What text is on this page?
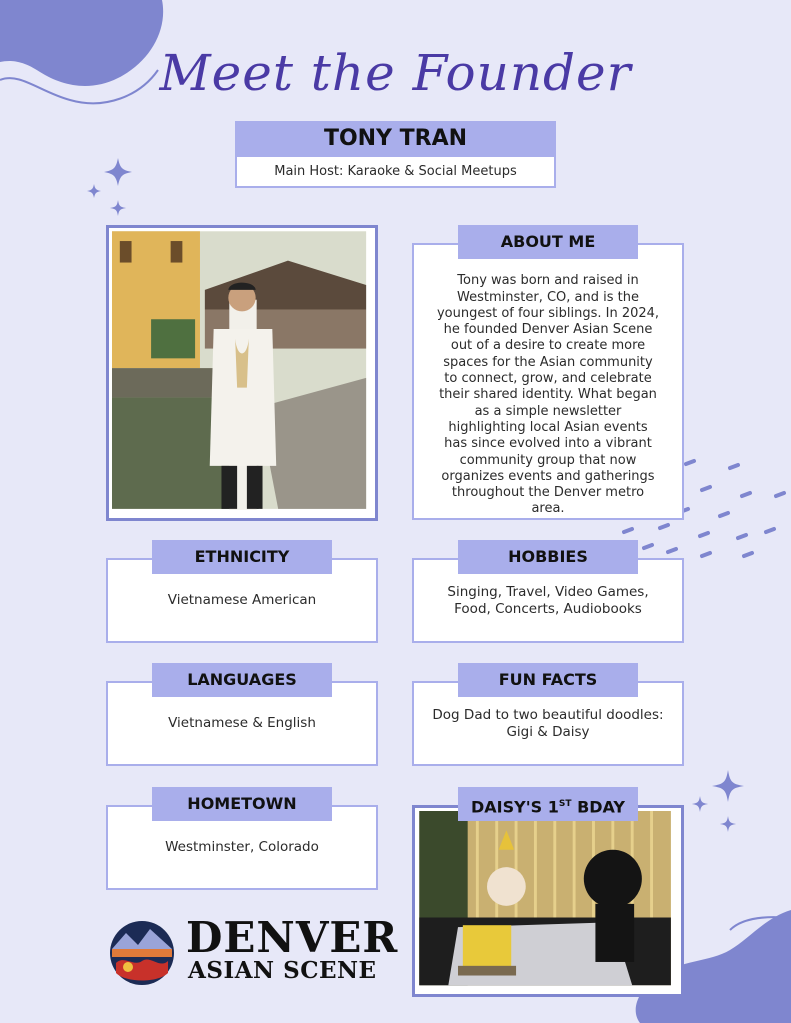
Meet the Founder
TONY TRAN
Main Host: Karaoke & Social Meetups
Tony was born and raised in Westminster, CO, and is the youngest of four siblings. In 2024, he founded Denver Asian Scene out of a desire to create more spaces for the Asian community to connect, grow, and celebrate their shared identity. What began as a simple newsletter highlighting local Asian events has since evolved into a vibrant community group that now organizes events and gatherings throughout the Denver metro area.
ABOUT ME
Vietnamese American
ETHNICITY
Singing, Travel, Video Games, Food, Concerts, Audiobooks
HOBBIES
Vietnamese & English
LANGUAGES
Dog Dad to two beautiful doodles: Gigi & Daisy
FUN FACTS
Westminster, Colorado
HOMETOWN	DAISY'S 1ST BDAY
DENVER
ASIAN SCENE
